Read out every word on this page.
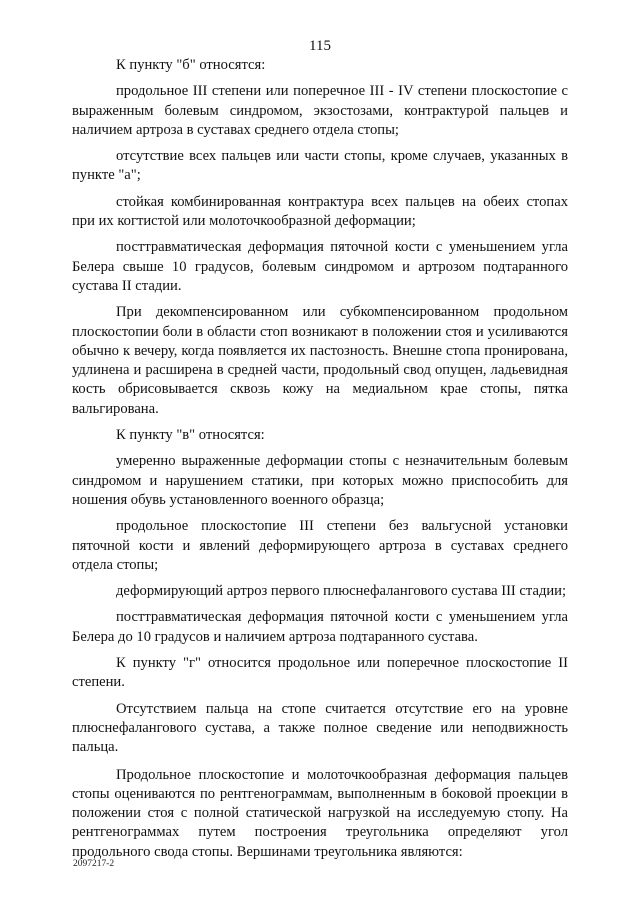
115

К пункту "б" относятся:

продольное III степени или поперечное III - IV степени плоскостопие с выраженным болевым синдромом, экзостозами, контрактурой пальцев и наличием артроза в суставах среднего отдела стопы;

отсутствие всех пальцев или части стопы, кроме случаев, указанных в пункте "а";

стойкая комбинированная контрактура всех пальцев на обеих стопах при их когтистой или молоточкообразной деформации;

посттравматическая деформация пяточной кости с уменьшением угла Белера свыше 10 градусов, болевым синдромом и артрозом подтаранного сустава II стадии.

При декомпенсированном или субкомпенсированном продольном плоскостопии боли в области стоп возникают в положении стоя и усиливаются обычно к вечеру, когда появляется их пастозность. Внешне стопа пронирована, удлинена и расширена в средней части, продольный свод опущен, ладьевидная кость обрисовывается сквозь кожу на медиальном крае стопы, пятка вальгирована.

К пункту "в" относятся:

умеренно выраженные деформации стопы с незначительным болевым синдромом и нарушением статики, при которых можно приспособить для ношения обувь установленного военного образца;

продольное плоскостопие III степени без вальгусной установки пяточной кости и явлений деформирующего артроза в суставах среднего отдела стопы;

деформирующий артроз первого плюснефалангового сустава III стадии;

посттравматическая деформация пяточной кости с уменьшением угла Белера до 10 градусов и наличием артроза подтаранного сустава.

К пункту "г" относится продольное или поперечное плоскостопие II степени.

Отсутствием пальца на стопе считается отсутствие его на уровне плюснефалангового сустава, а также полное сведение или неподвижность пальца.

Продольное плоскостопие и молоточкообразная деформация пальцев стопы оцениваются по рентгенограммам, выполненным в боковой проекции в положении стоя с полной статической нагрузкой на исследуемую стопу. На рентгенограммах путем построения треугольника определяют угол продольного свода стопы. Вершинами треугольника являются:

2097217-2
